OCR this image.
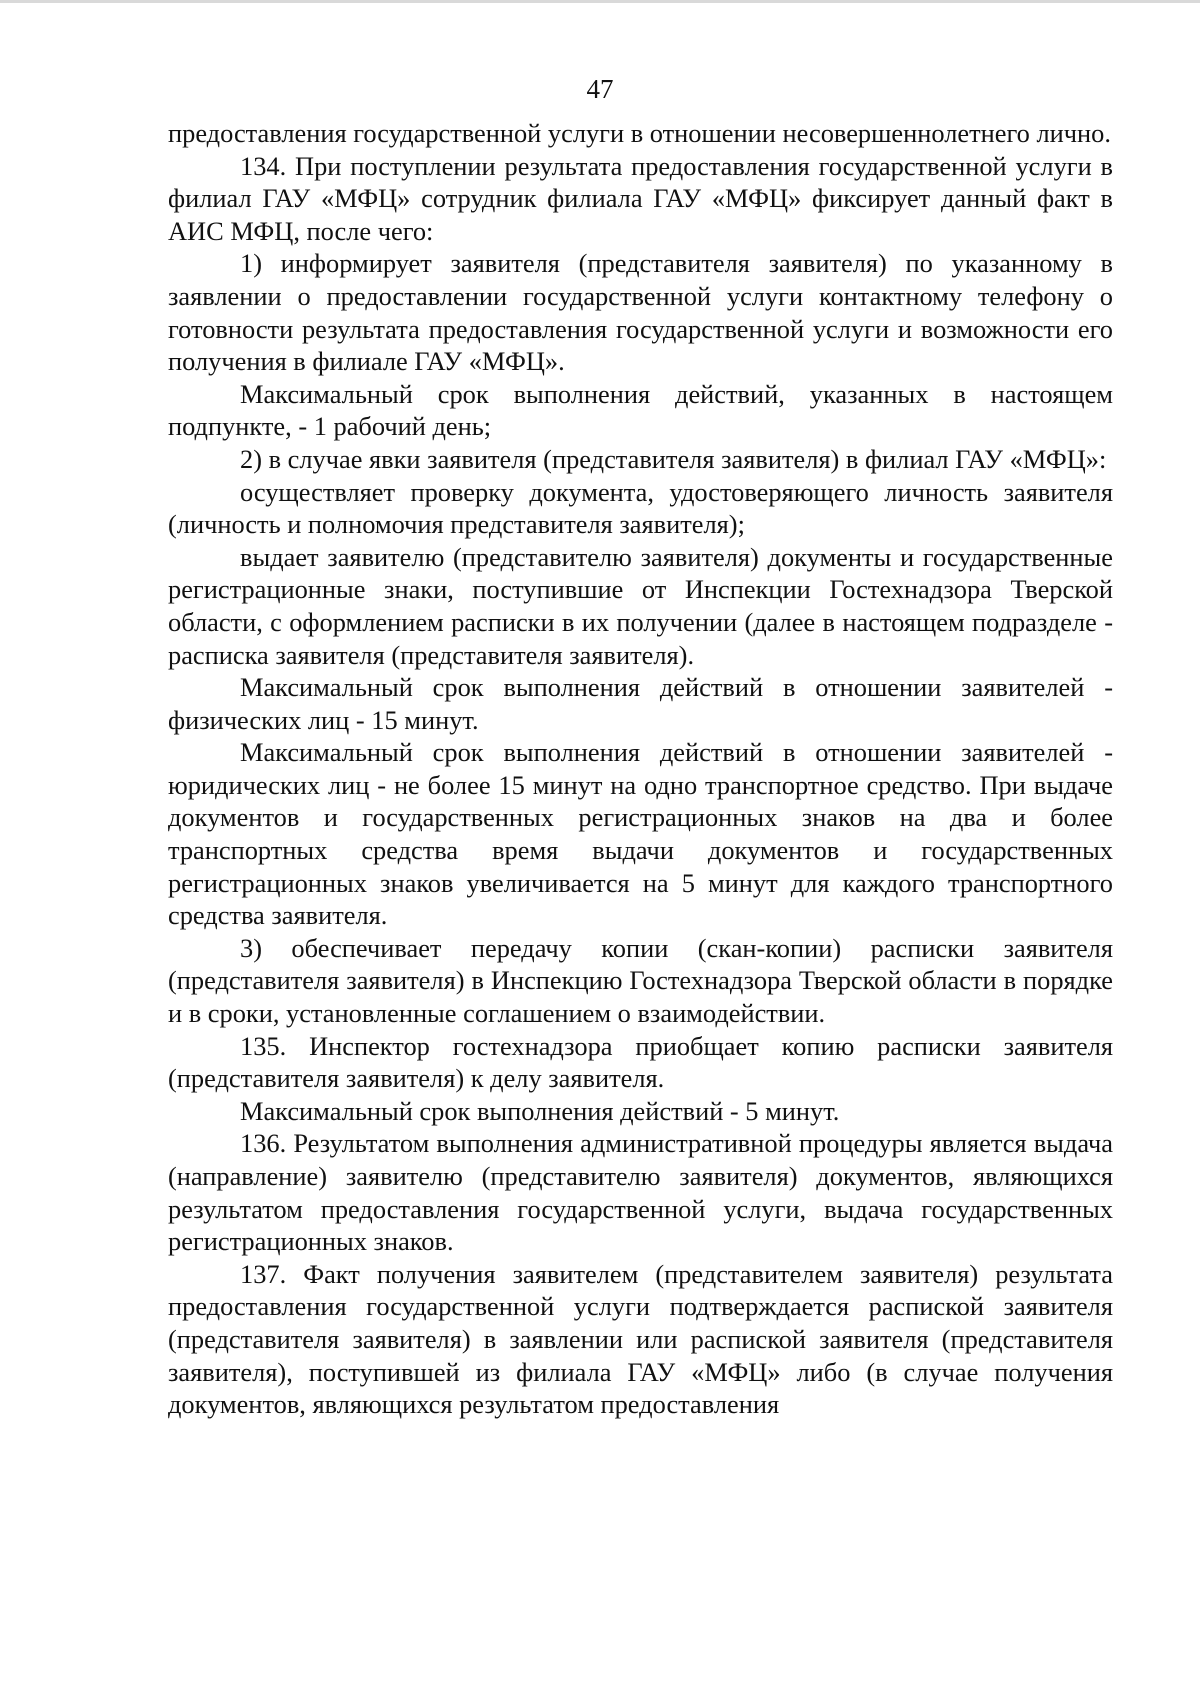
47

предоставления государственной услуги в отношении несовершеннолетнего лично.

134. При поступлении результата предоставления государственной услуги в филиал ГАУ «МФЦ» сотрудник филиала ГАУ «МФЦ» фиксирует данный факт в АИС МФЦ, после чего:

1) информирует заявителя (представителя заявителя) по указанному в заявлении о предоставлении государственной услуги контактному телефону о готовности результата предоставления государственной услуги и возможности его получения в филиале ГАУ «МФЦ».

Максимальный срок выполнения действий, указанных в настоящем подпункте, - 1 рабочий день;

2) в случае явки заявителя (представителя заявителя) в филиал ГАУ «МФЦ»:

осуществляет проверку документа, удостоверяющего личность заявителя (личность и полномочия представителя заявителя);

выдает заявителю (представителю заявителя) документы и государственные регистрационные знаки, поступившие от Инспекции Гостехнадзора Тверской области, с оформлением расписки в их получении (далее в настоящем подразделе - расписка заявителя (представителя заявителя).

Максимальный срок выполнения действий в отношении заявителей - физических лиц - 15 минут.

Максимальный срок выполнения действий в отношении заявителей - юридических лиц - не более 15 минут на одно транспортное средство. При выдаче документов и государственных регистрационных знаков на два и более транспортных средства время выдачи документов и государственных регистрационных знаков увеличивается на 5 минут для каждого транспортного средства заявителя.

3) обеспечивает передачу копии (скан-копии) расписки заявителя (представителя заявителя) в Инспекцию Гостехнадзора Тверской области в порядке и в сроки, установленные соглашением о взаимодействии.

135. Инспектор гостехнадзора приобщает копию расписки заявителя (представителя заявителя) к делу заявителя.

Максимальный срок выполнения действий - 5 минут.

136. Результатом выполнения административной процедуры является выдача (направление) заявителю (представителю заявителя) документов, являющихся результатом предоставления государственной услуги, выдача государственных регистрационных знаков.

137. Факт получения заявителем (представителем заявителя) результата предоставления государственной услуги подтверждается распиской заявителя (представителя заявителя) в заявлении или распиской заявителя (представителя заявителя), поступившей из филиала ГАУ «МФЦ» либо (в случае получения документов, являющихся результатом предоставления
